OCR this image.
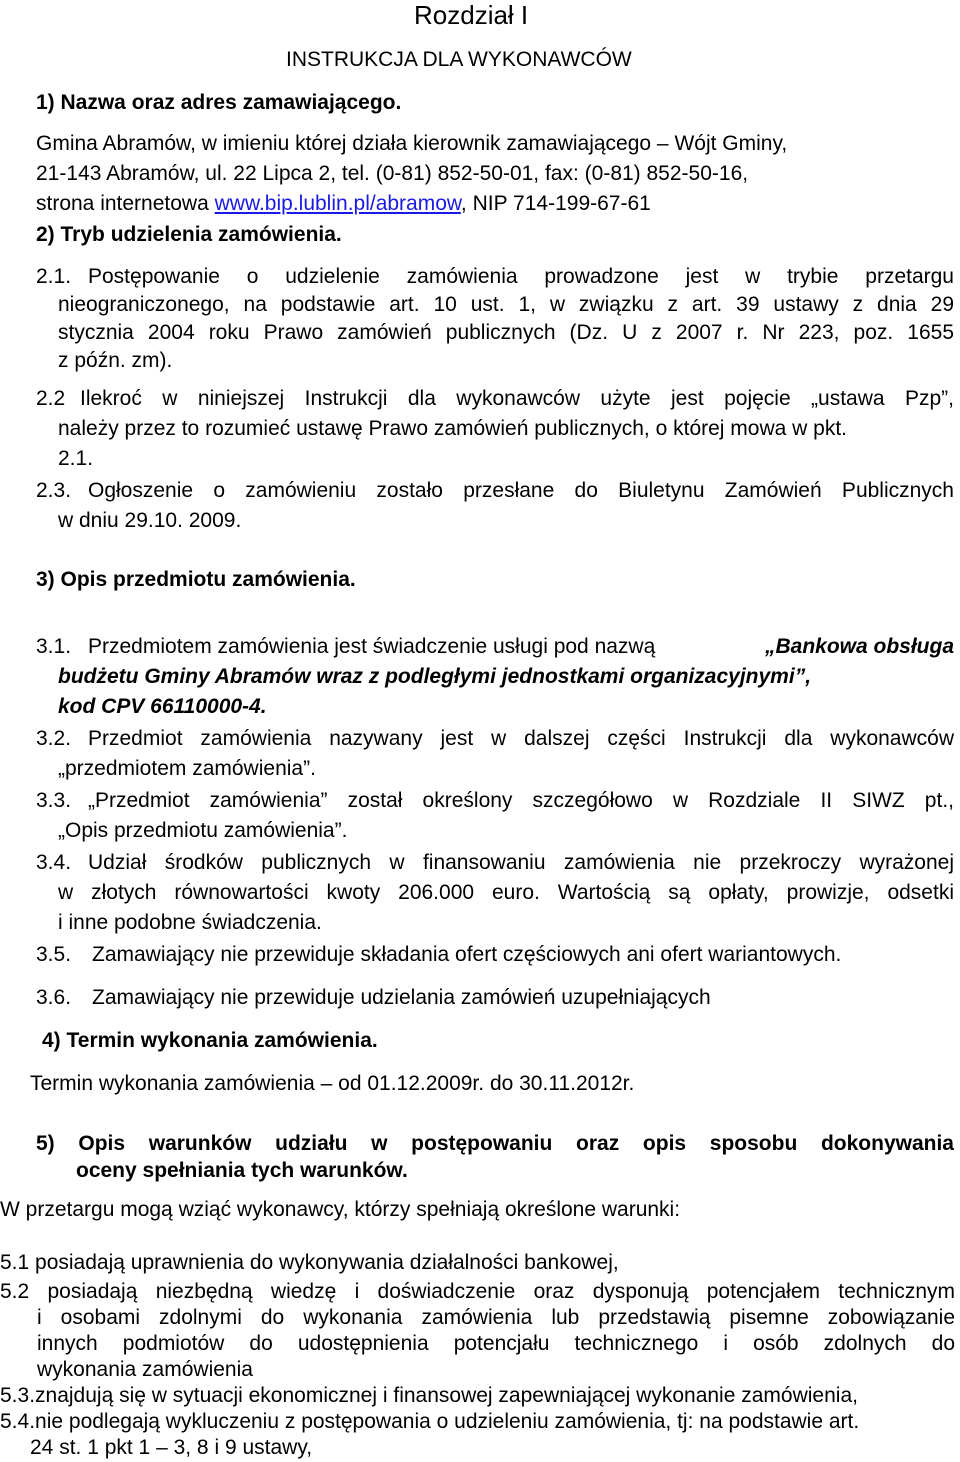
Rozdział I
INSTRUKCJA DLA WYKONAWCÓW
1) Nazwa oraz adres zamawiającego.
Gmina Abramów, w imieniu której działa kierownik zamawiającego – Wójt Gminy,
21-143 Abramów, ul. 22 Lipca 2, tel. (0-81) 852-50-01, fax: (0-81) 852-50-16,
strona internetowa www.bip.lublin.pl/abramow, NIP 714-199-67-61
2) Tryb udzielenia zamówienia.
2.1. Postępowanie o udzielenie zamówienia prowadzone jest w trybie przetargu
nieograniczonego, na podstawie art. 10 ust. 1, w związku z art. 39 ustawy z dnia 29
stycznia 2004 roku Prawo zamówień publicznych (Dz. U z 2007 r. Nr 223, poz. 1655
z późn. zm).
2.2 Ilekroć w niniejszej Instrukcji dla wykonawców użyte jest pojęcie „ustawa Pzp”,
należy przez to rozumieć ustawę Prawo zamówień publicznych, o której mowa w pkt.
2.1.
2.3. Ogłoszenie o zamówieniu zostało przesłane do Biuletynu Zamówień Publicznych
w dniu 29.10. 2009.
3) Opis przedmiotu zamówienia.
3.1. Przedmiotem zamówienia jest świadczenie usługi pod nazwą	„Bankowa obsługa
budżetu Gminy Abramów wraz z podległymi jednostkami organizacyjnymi”,
kod CPV 66110000-4.
3.2. Przedmiot zamówienia nazywany jest w dalszej części Instrukcji dla wykonawców
„przedmiotem zamówienia”.
3.3. „Przedmiot zamówienia” został określony szczegółowo w Rozdziale II SIWZ pt.,
„Opis przedmiotu zamówienia”.
3.4. Udział środków publicznych w finansowaniu zamówienia nie przekroczy wyrażonej
w złotych równowartości kwoty 206.000 euro. Wartością są opłaty, prowizje, odsetki
i inne podobne świadczenia.
3.5. Zamawiający nie przewiduje składania ofert częściowych ani ofert wariantowych.
3.6. Zamawiający nie przewiduje udzielania zamówień uzupełniających
4) Termin wykonania zamówienia.
Termin wykonania zamówienia – od 01.12.2009r. do 30.11.2012r.
5) Opis warunków udziału w postępowaniu oraz opis sposobu dokonywania
oceny spełniania tych warunków.
W przetargu mogą wziąć wykonawcy, którzy spełniają określone warunki:
5.1 posiadają uprawnienia do wykonywania działalności bankowej,
5.2 posiadają niezbędną wiedzę i doświadczenie oraz dysponują potencjałem technicznym
i osobami zdolnymi do wykonania zamówienia lub przedstawią pisemne zobowiązanie
innych podmiotów do udostępnienia potencjału technicznego i osób zdolnych do
wykonania zamówienia
5.3.znajdują się w sytuacji ekonomicznej i finansowej zapewniającej wykonanie zamówienia,
5.4.nie podlegają wykluczeniu z postępowania o udzieleniu zamówienia, tj: na podstawie art.
24 st. 1 pkt 1 – 3, 8 i 9 ustawy,
